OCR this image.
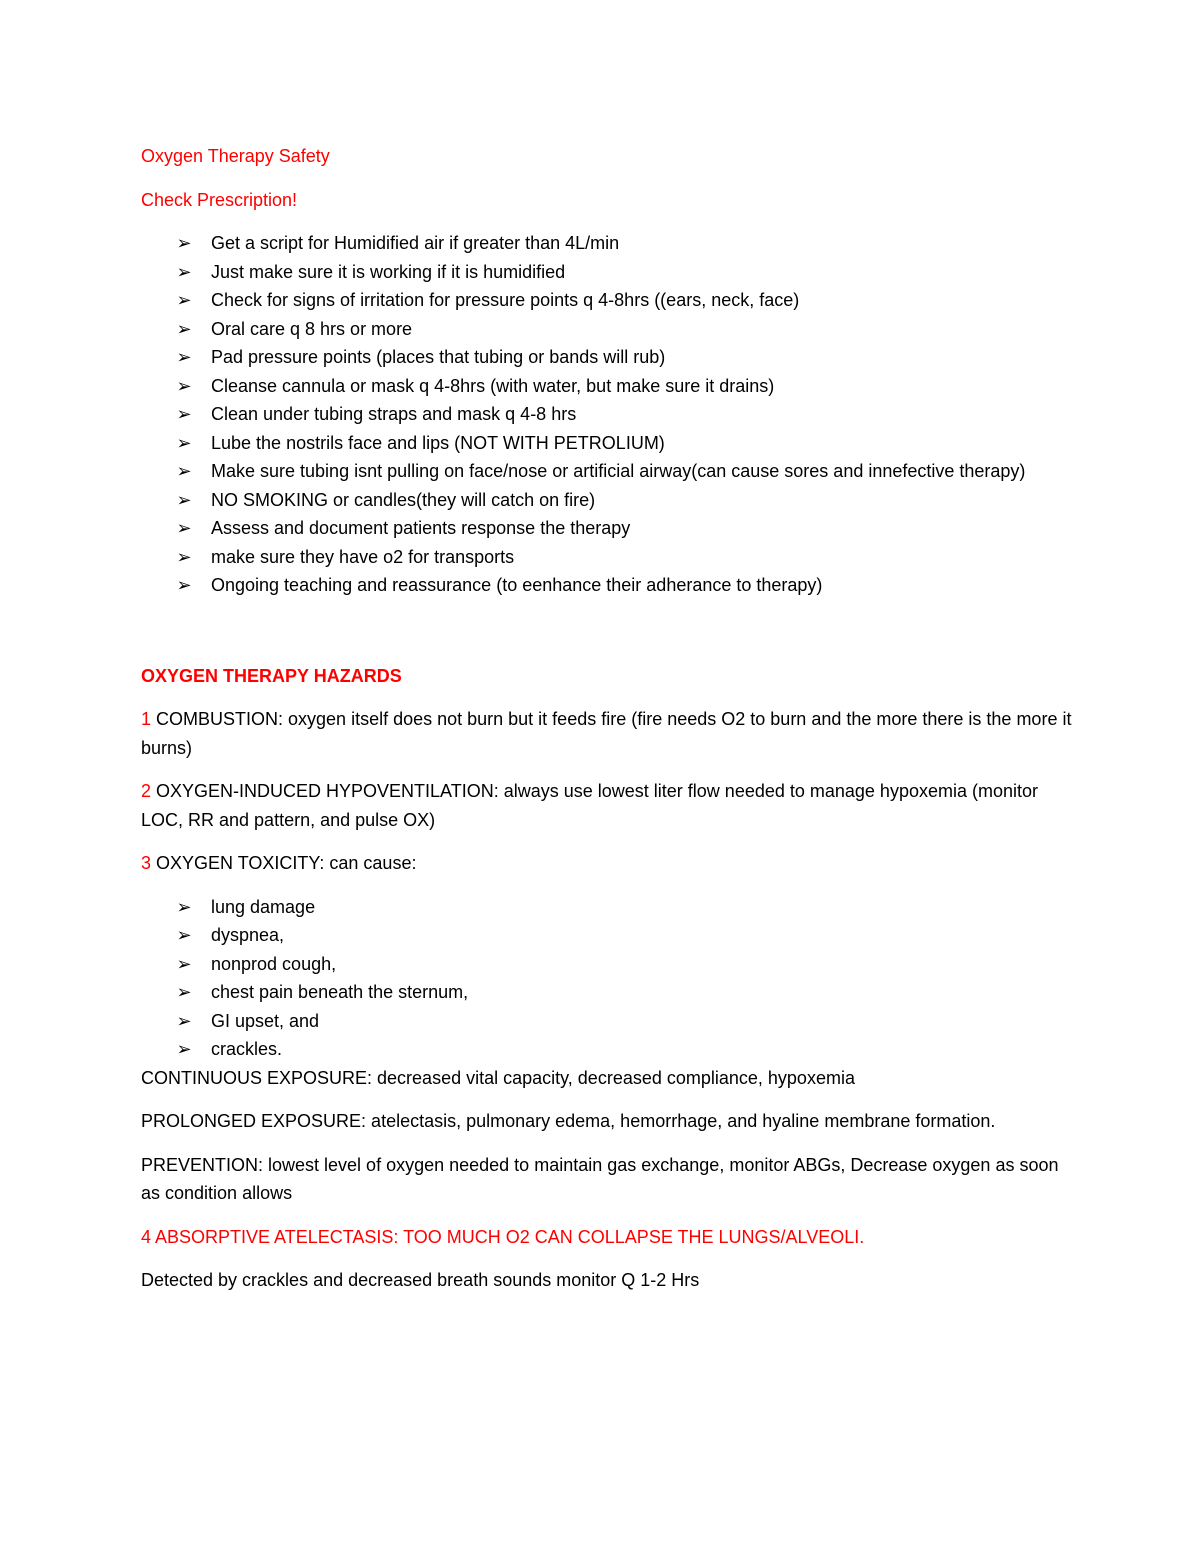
Oxygen Therapy Safety

Check Prescription!

➢ Get a script for Humidified air if greater than 4L/min
➢ Just make sure it is working if it is humidified
➢ Check for signs of irritation for pressure points q 4-8hrs ((ears, neck, face)
➢ Oral care q 8 hrs or more
➢ Pad pressure points (places that tubing or bands will rub)
➢ Cleanse cannula or mask q 4-8hrs (with water, but make sure it drains)
➢ Clean under tubing straps and mask q 4-8 hrs
➢ Lube the nostrils face and lips (NOT WITH PETROLIUM)
➢ Make sure tubing isnt pulling on face/nose or artificial airway(can cause sores and innefective therapy)
➢ NO SMOKING or candles(they will catch on fire)
➢ Assess and document patients response the therapy
➢ make sure they have o2 for transports
➢ Ongoing teaching and reassurance (to eenhance their adherance to therapy)

OXYGEN THERAPY HAZARDS

1 COMBUSTION: oxygen itself does not burn but it feeds fire (fire needs O2 to burn and the more there is the more it burns)

2 OXYGEN-INDUCED HYPOVENTILATION: always use lowest liter flow needed to manage hypoxemia (monitor LOC, RR and pattern, and pulse OX)

3 OXYGEN TOXICITY: can cause:

➢ lung damage
➢ dyspnea,
➢ nonprod cough,
➢ chest pain beneath the sternum,
➢ GI upset, and
➢ crackles.

CONTINUOUS EXPOSURE: decreased vital capacity, decreased compliance, hypoxemia

PROLONGED EXPOSURE: atelectasis, pulmonary edema, hemorrhage, and hyaline membrane formation.

PREVENTION: lowest level of oxygen needed to maintain gas exchange, monitor ABGs, Decrease oxygen as soon as condition allows

4 ABSORPTIVE ATELECTASIS: TOO MUCH O2 CAN COLLAPSE THE LUNGS/ALVEOLI.

Detected by crackles and decreased breath sounds monitor Q 1-2 Hrs
